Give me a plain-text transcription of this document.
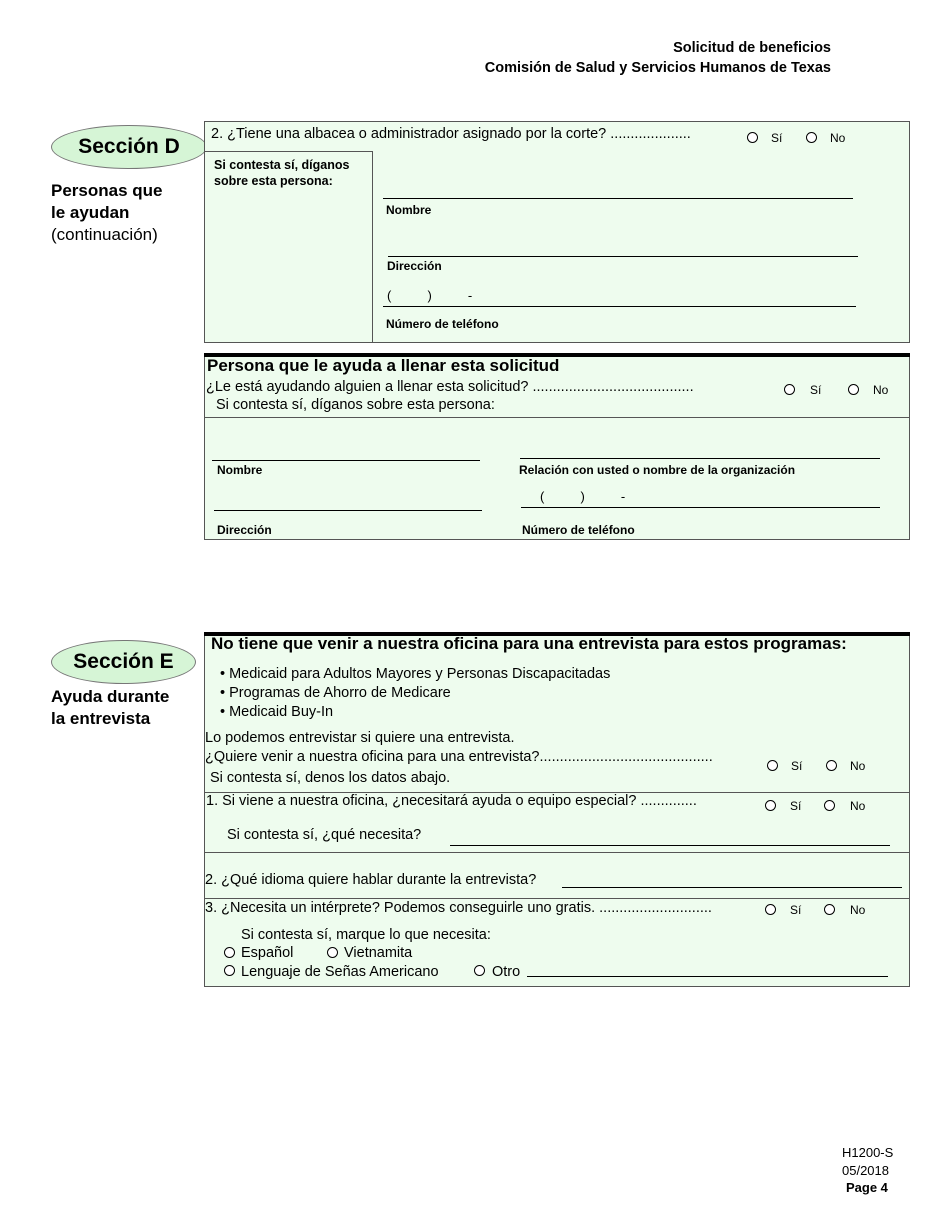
Solicitud de beneficios
Comisión de Salud y Servicios Humanos de Texas
Sección D
Personas que
le ayudan
(continuación)
2. ¿Tiene una albacea o administrador asignado por la corte? ....................	Sí	No
Si contesta sí, díganos sobre esta persona:
Nombre
Dirección
(          )          -
Número de teléfono
Persona que le ayuda a llenar esta solicitud
¿Le está ayudando alguien a llenar esta solicitud? ........................................	Sí	No
Si contesta sí, díganos sobre esta persona:
Nombre	Relación con usted o nombre de la organización
Dirección
(          )          -
Número de teléfono
Sección E
Ayuda durante
la entrevista
No tiene que venir a nuestra oficina para una entrevista para estos programas:
• Medicaid para Adultos Mayores y Personas Discapacitadas
• Programas de Ahorro de Medicare
• Medicaid Buy-In
Lo podemos entrevistar si quiere una entrevista.
¿Quiere venir a nuestra oficina para una entrevista?...........................................
Sí	No
Si contesta sí, denos los datos abajo.
1. Si viene a nuestra oficina, ¿necesitará ayuda o equipo especial? ..............	Sí	No
Si contesta sí, ¿qué necesita?
2. ¿Qué idioma quiere hablar durante la entrevista?
3. ¿Necesita un intérprete? Podemos conseguirle uno gratis. ............................	Sí	No
Si contesta sí, marque lo que necesita:
Español	Vietnamita
Lenguaje de Señas Americano	Otro
H1200-S
05/2018
Page 4
